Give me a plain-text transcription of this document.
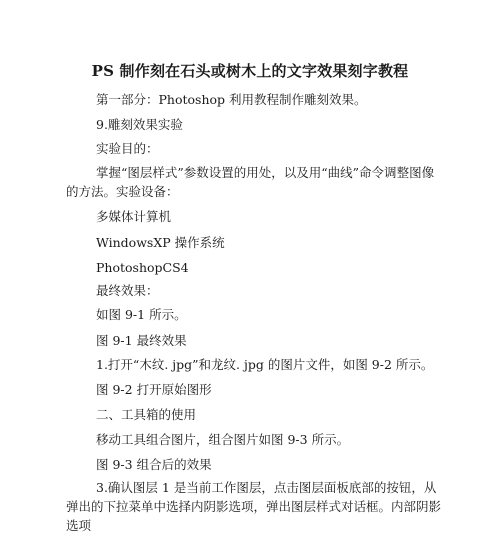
PS 制作刻在石头或树木上的文字效果刻字教程
第一部分：Photoshop 利用教程制作雕刻效果。
9.雕刻效果实验
实验目的：
掌握“图层样式”参数设置的用处，以及用“曲线”命令调整图像的方法。实验设备：
多媒体计算机
WindowsXP 操作系统
PhotoshopCS4
最终效果：
如图 9-1 所示。
图 9-1 最终效果
1.打开“木纹. jpg”和龙纹. jpg 的图片文件，如图 9-2 所示。
图 9-2 打开原始图形
二、工具箱的使用
移动工具组合图片，组合图片如图 9-3 所示。
图 9-3 组合后的效果
3.确认图层 1 是当前工作图层，点击图层面板底部的按钮，从弹出的下拉菜单中选择内阴影选项，弹出图层样式对话框。内部阴影选项
